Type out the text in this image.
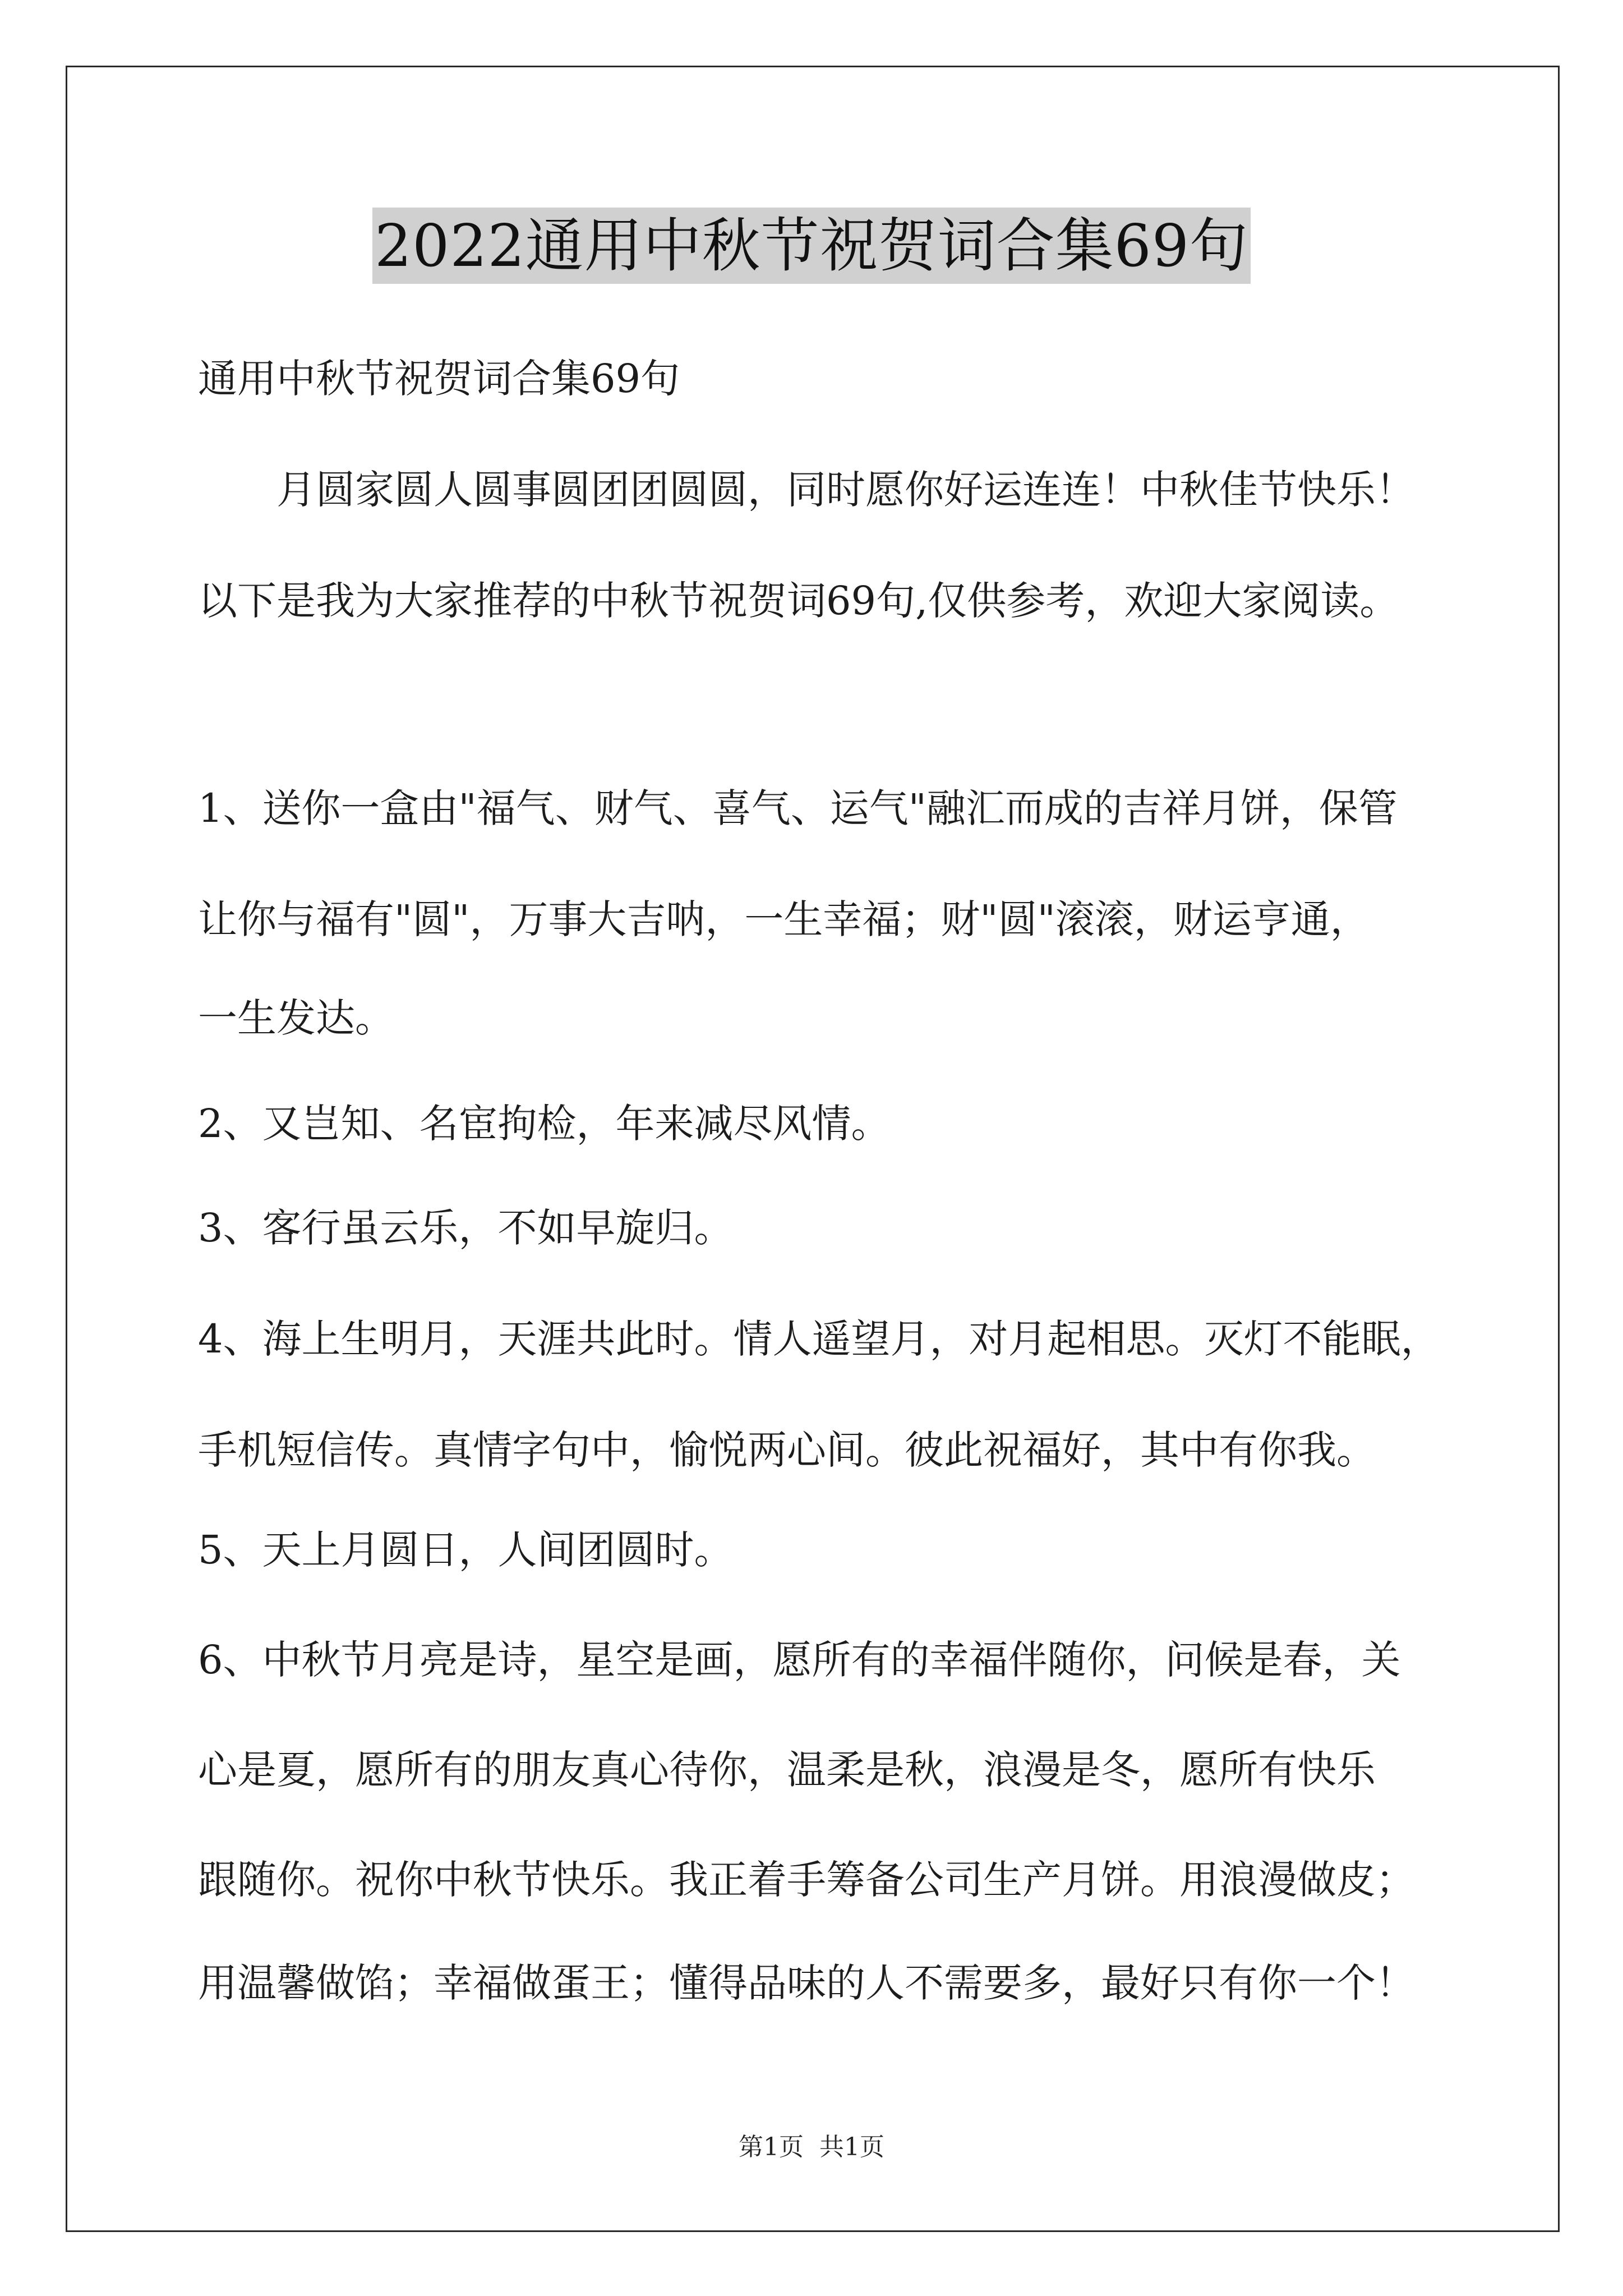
2022通用中秋节祝贺词合集69句
通用中秋节祝贺词合集69句
　　月圆家圆人圆事圆团团圆圆，同时愿你好运连连！中秋佳节快乐！
以下是我为大家推荐的中秋节祝贺词69句,仅供参考，欢迎大家阅读。
1、送你一盒由"福气、财气、喜气、运气"融汇而成的吉祥月饼，保管
让你与福有"圆"，万事大吉呐，一生幸福；财"圆"滚滚，财运亨通，
一生发达。
2、又岂知、名宦拘检，年来减尽风情。
3、客行虽云乐，不如早旋归。
4、海上生明月，天涯共此时。情人遥望月，对月起相思。灭灯不能眠，
手机短信传。真情字句中，愉悦两心间。彼此祝福好，其中有你我。
5、天上月圆日，人间团圆时。
6、中秋节月亮是诗，星空是画，愿所有的幸福伴随你，问候是春，关
心是夏，愿所有的朋友真心待你，温柔是秋，浪漫是冬，愿所有快乐
跟随你。祝你中秋节快乐。我正着手筹备公司生产月饼。用浪漫做皮；
用温馨做馅；幸福做蛋王；懂得品味的人不需要多，最好只有你一个！
第1页 共1页
